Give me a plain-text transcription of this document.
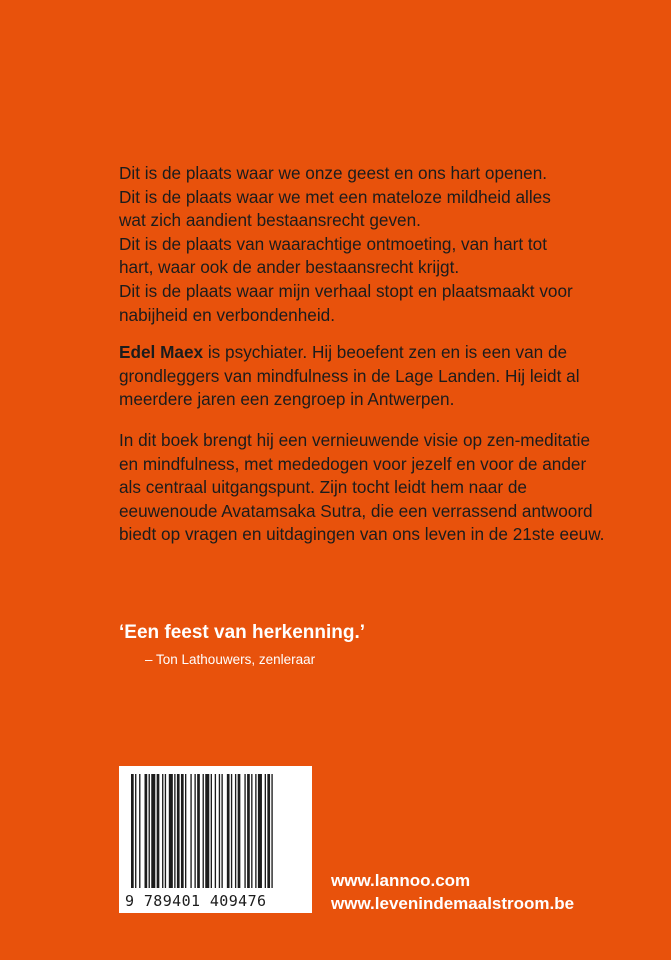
Dit is de plaats waar we onze geest en ons hart openen.
Dit is de plaats waar we met een mateloze mildheid alles
wat zich aandient bestaansrecht geven.
Dit is de plaats van waarachtige ontmoeting, van hart tot
hart, waar ook de ander bestaansrecht krijgt.
Dit is de plaats waar mijn verhaal stopt en plaatsmaakt voor
nabijheid en verbondenheid.

Edel Maex is psychiater. Hij beoefent zen en is een van de grondleggers van mindfulness in de Lage Landen. Hij leidt al meerdere jaren een zengroep in Antwerpen.

In dit boek brengt hij een vernieuwende visie op zen-meditatie en mindfulness, met mededogen voor jezelf en voor de ander als centraal uitgangspunt. Zijn tocht leidt hem naar de eeuwenoude Avatamsaka Sutra, die een verrassend antwoord biedt op vragen en uitdagingen van ons leven in de 21ste eeuw.

‘Een feest van herkenning.’

– Ton Lathouwers, zenleraar

9 789401 409476

www.lannoo.com
www.levenindemaalstroom.be
